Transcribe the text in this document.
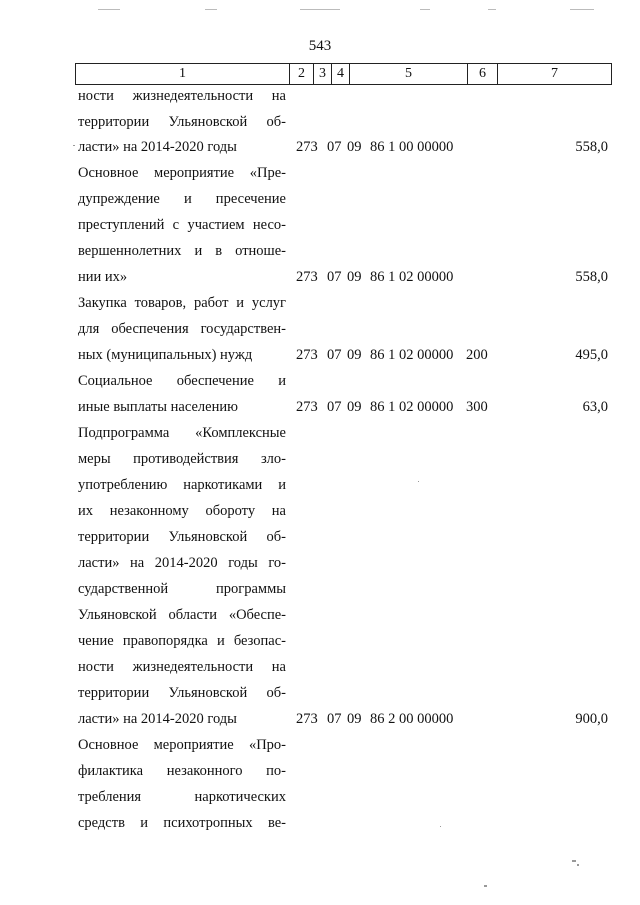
543
1	2	3	4	5	6	7
ности жизнедеятельности на
территории Ульяновской об-
ласти» на 2014-2020 годы	273 07 09 86 1 00 00000	558,0
Основное мероприятие «Пре-
дупреждение и пресечение
преступлений с участием несо-
вершеннолетних и в отноше-
нии их»	273 07 09 86 1 02 00000	558,0
Закупка товаров, работ и услуг
для обеспечения государствен-
ных (муниципальных) нужд	273 07 09 86 1 02 00000 200	495,0
Социальное обеспечение и
иные выплаты населению	273 07 09 86 1 02 00000 300	63,0
Подпрограмма «Комплексные
меры противодействия зло-
употреблению наркотиками и
их незаконному обороту на
территории Ульяновской об-
ласти» на 2014-2020 годы го-
сударственной программы
Ульяновской области «Обеспе-
чение правопорядка и безопас-
ности жизнедеятельности на
территории Ульяновской об-
ласти» на 2014-2020 годы	273 07 09 86 2 00 00000	900,0
Основное мероприятие «Про-
филактика незаконного по-
требления наркотических
средств и психотропных ве-
